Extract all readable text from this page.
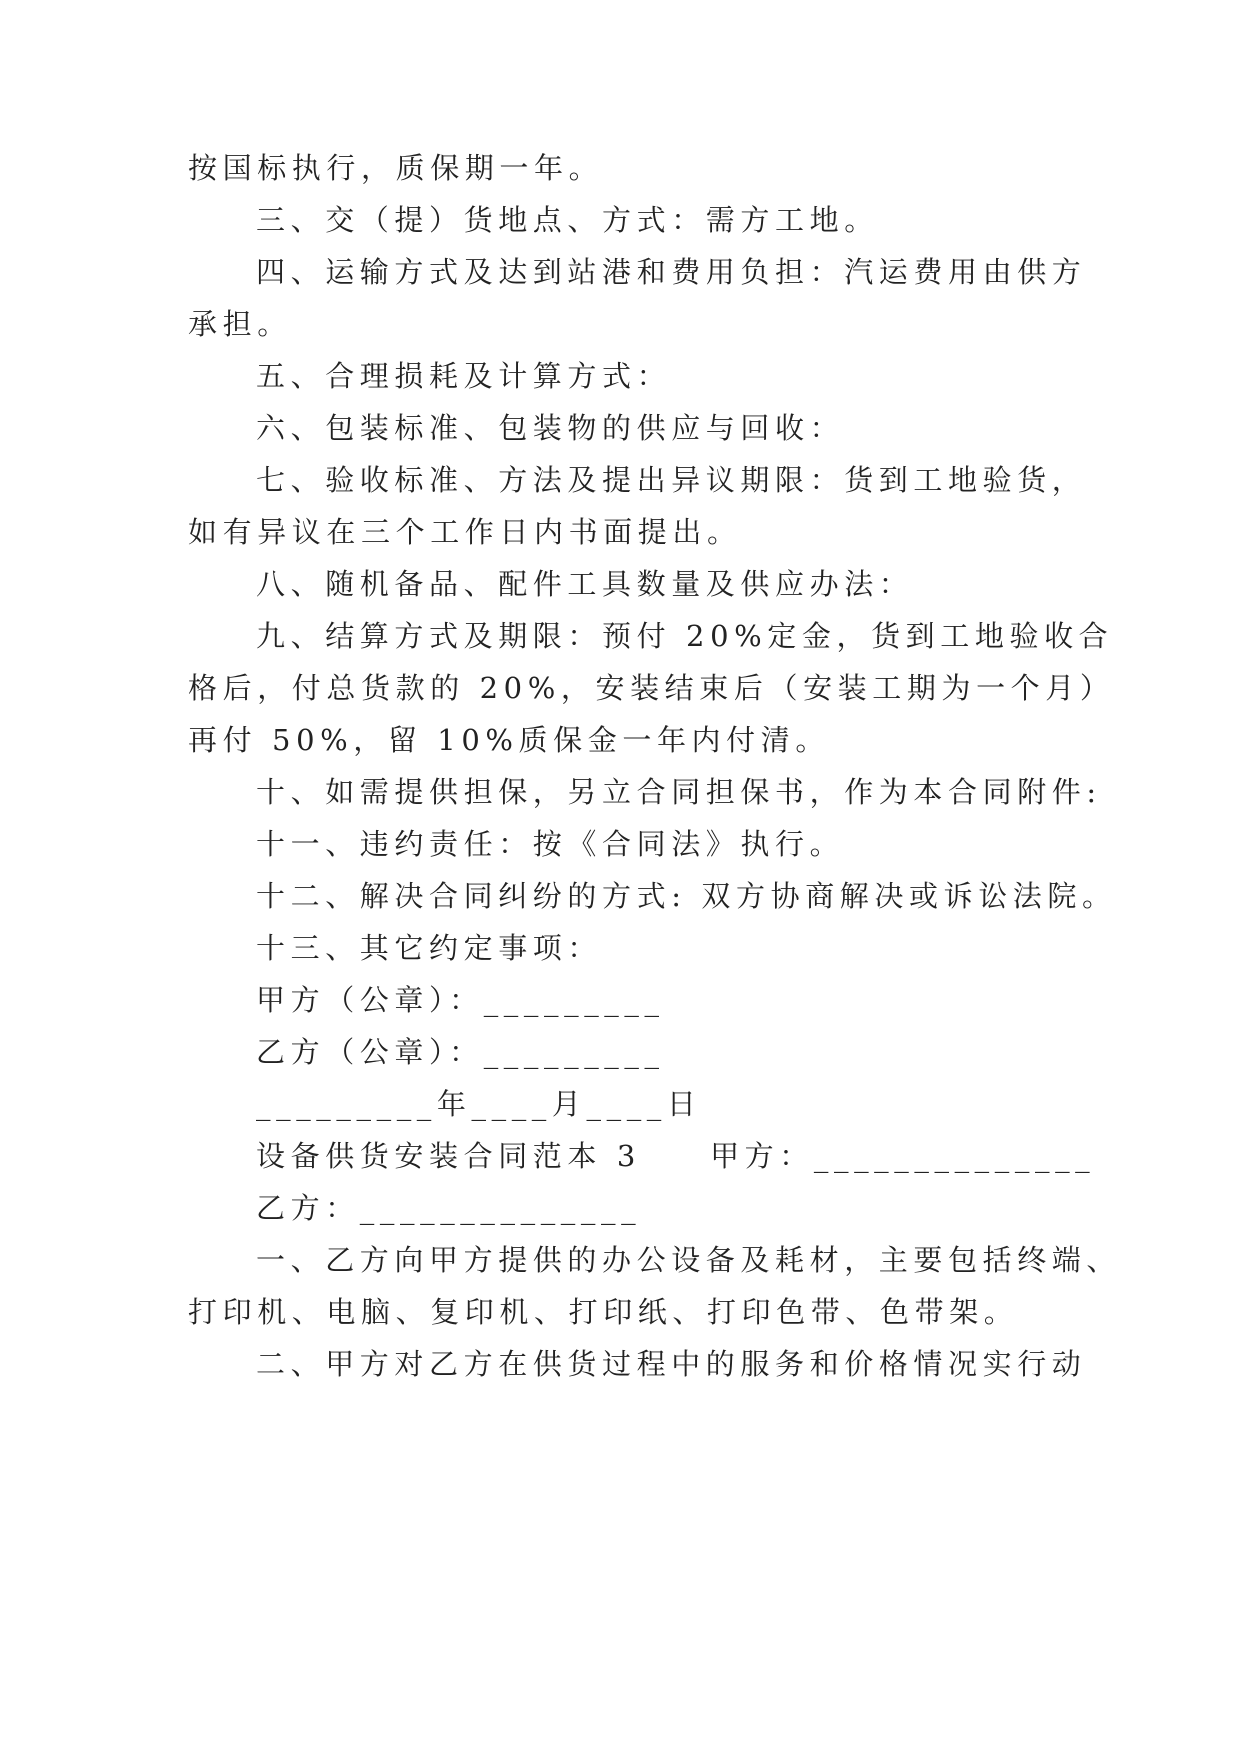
按国标执行，质保期一年。
三、交（提）货地点、方式：需方工地。
四、运输方式及达到站港和费用负担：汽运费用由供方
承担。
五、合理损耗及计算方式：
六、包装标准、包装物的供应与回收：
七、验收标准、方法及提出异议期限：货到工地验货，
如有异议在三个工作日内书面提出。
八、随机备品、配件工具数量及供应办法：
九、结算方式及期限：预付 20%定金，货到工地验收合
格后，付总货款的 20%，安装结束后（安装工期为一个月）
再付 50%，留 10%质保金一年内付清。
十、如需提供担保，另立合同担保书，作为本合同附件:
十一、违约责任：按《合同法》执行。
十二、解决合同纠纷的方式: 双方协商解决或诉讼法院。
十三、其它约定事项：
甲方（公章）：_________
乙方（公章）：_________
_________年____月____日
设备供货安装合同范本 3　　甲方：______________
乙方：______________
一、乙方向甲方提供的办公设备及耗材，主要包括终端、
打印机、电脑、复印机、打印纸、打印色带、色带架。
二、甲方对乙方在供货过程中的服务和价格情况实行动
